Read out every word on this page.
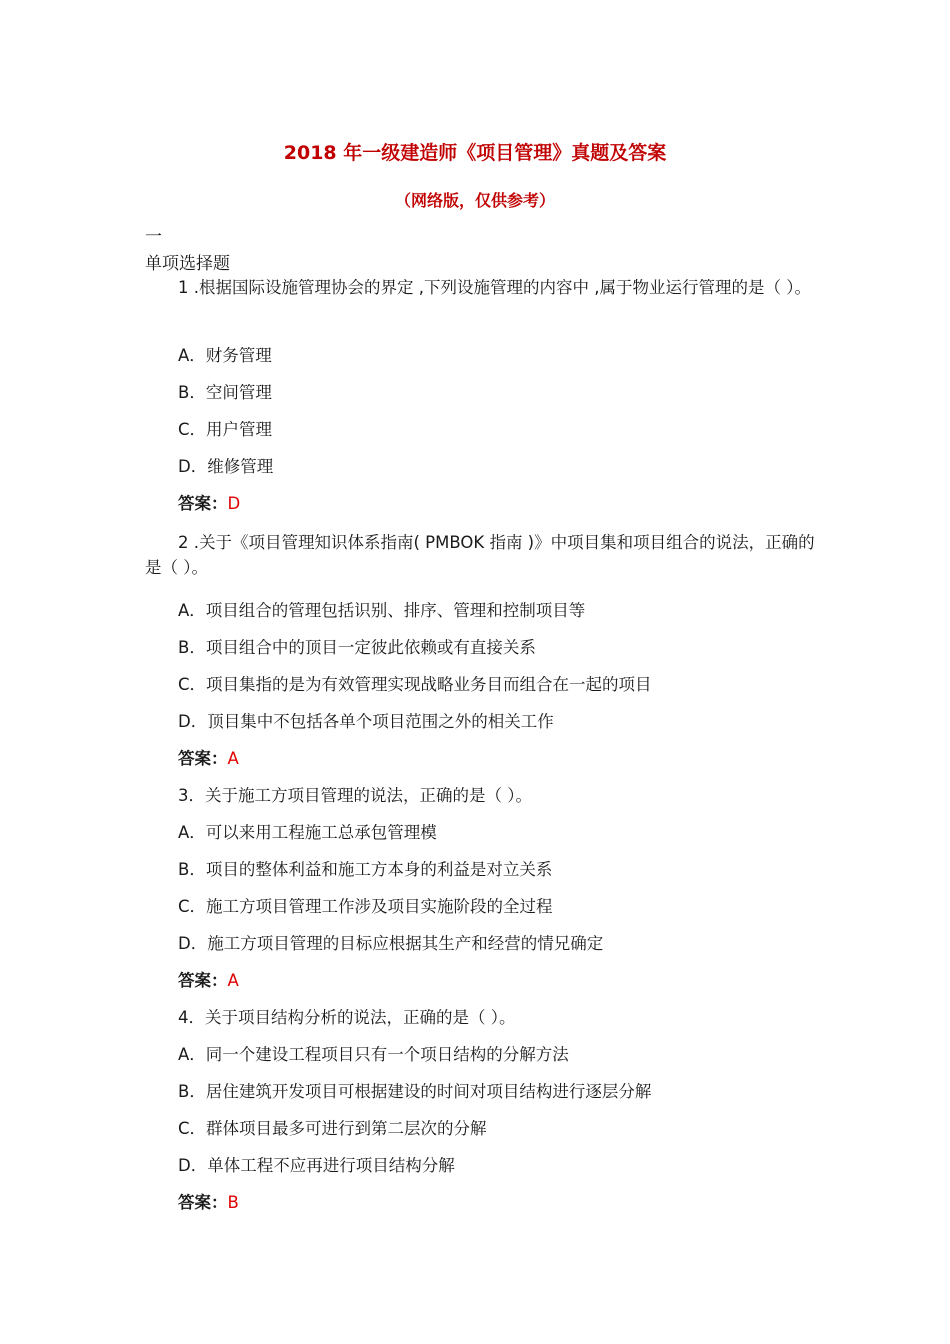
2018 年一级建造师《项目管理》真题及答案
（网络版，仅供参考）
一
单项选择题

1 .根据国际设施管理协会的界定 ,下列设施管理的内容中 ,属于物业运行管理的是（ ）。

A．财务管理
B．空间管理
C．用户管理
D．维修管理
答案：D

2 .关于《项目管理知识体系指南( PMBOK 指南 )》中项目集和项目组合的说法，正确的是（ ）。

A．项目组合的管理包括识别、排序、管理和控制项目等
B．项目组合中的顶目一定彼此依赖或有直接关系
C．项目集指的是为有效管理实现战略业务目而组合在一起的项目
D．顶目集中不包括各单个项目范围之外的相关工作
答案：A
3．关于施工方项目管理的说法，正确的是（ ）。
A．可以来用工程施工总承包管理模
B．项目的整体利益和施工方本身的利益是对立关系
C．施工方项目管理工作涉及项目实施阶段的全过程
D．施工方项目管理的目标应根据其生产和经营的情兄确定
答案：A
4．关于项目结构分析的说法，正确的是（ ）。
A．同一个建设工程项目只有一个项日结构的分解方法
B．居住建筑开发项目可根据建设的时间对项目结构进行逐层分解
C．群体项目最多可进行到第二层次的分解
D．单体工程不应再进行项目结构分解
答案：B
